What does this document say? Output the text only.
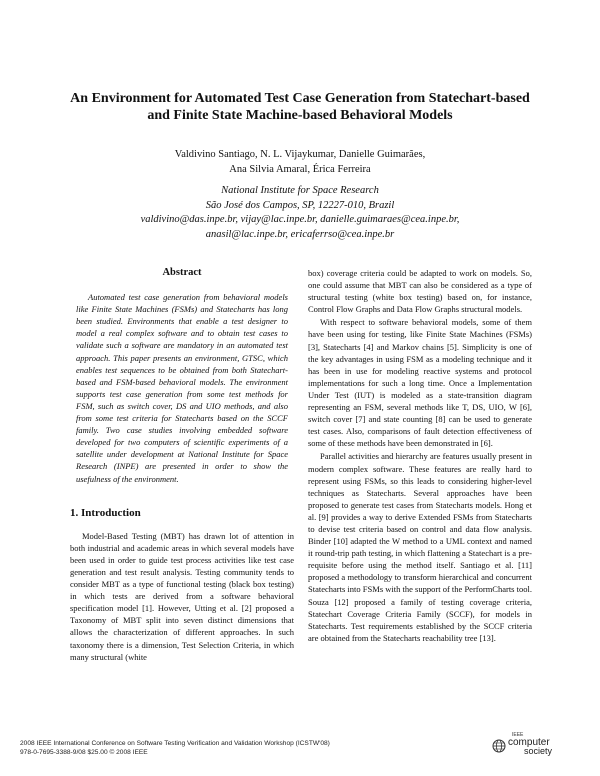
An Environment for Automated Test Case Generation from Statechart-based
and Finite State Machine-based Behavioral Models
Valdivino Santiago, N. L. Vijaykumar, Danielle Guimarães,
Ana Silvia Amaral, Érica Ferreira
National Institute for Space Research
São José dos Campos, SP, 12227-010, Brazil
valdivino@das.inpe.br, vijay@lac.inpe.br, danielle.guimaraes@cea.inpe.br,
anasil@lac.inpe.br, ericaferrso@cea.inpe.br
Abstract
Automated test case generation from behavioral models like Finite State Machines (FSMs) and Statecharts has long been studied. Environments that enable a test designer to model a real complex software and to obtain test cases to validate such a software are mandatory in an automated test approach. This paper presents an environment, GTSC, which enables test sequences to be obtained from both Statechart-based and FSM-based behavioral models. The environment supports test case generation from some test methods for FSM, such as switch cover, DS and UIO methods, and also from some test criteria for Statecharts based on the SCCF family. Two case studies involving embedded software developed for two computers of scientific experiments of a satellite under development at National Institute for Space Research (INPE) are presented in order to show the usefulness of the environment.
1. Introduction

Model-Based Testing (MBT) has drawn lot of attention in both industrial and academic areas in which several models have been used in order to guide test process activities like test case generation and test result analysis. Testing community tends to consider MBT as a type of functional testing (black box testing) in which tests are derived from a software behavioral specification model [1]. However, Utting et al. [2] proposed a Taxonomy of MBT split into seven distinct dimensions that allows the characterization of different approaches. In such taxonomy there is a dimension, Test Selection Criteria, in which many structural (white

box) coverage criteria could be adapted to work on models. So, one could assume that MBT can also be considered as a type of structural testing (white box testing) based on, for instance, Control Flow Graphs and Data Flow Graphs structural models.

With respect to software behavioral models, some of them have been using for testing, like Finite State Machines (FSMs) [3], Statecharts [4] and Markov chains [5]. Simplicity is one of the key advantages in using FSM as a modeling technique and it has been in use for modeling reactive systems and protocol implementations for such a long time. Once a Implementation Under Test (IUT) is modeled as a state-transition diagram representing an FSM, several methods like T, DS, UIO, W [6], switch cover [7] and state counting [8] can be used to generate test cases. Also, comparisons of fault detection effectiveness of some of these methods have been demonstrated in [6].

Parallel activities and hierarchy are features usually present in modern complex software. These features are really hard to represent using FSMs, so this leads to considering higher-level techniques as Statecharts. Several approaches have been proposed to generate test cases from Statecharts models. Hong et al. [9] provides a way to derive Extended FSMs from Statecharts to devise test criteria based on control and data flow analysis. Binder [10] adapted the W method to a UML context and named it round-trip path testing, in which flattening a Statechart is a pre-requisite before using the method itself. Santiago et al. [11] proposed a methodology to transform hierarchical and concurrent Statecharts into FSMs with the support of the PerformCharts tool. Souza [12] proposed a family of testing coverage criteria, Statechart Coverage Criteria Family (SCCF), for models in Statecharts. Test requirements established by the SCCF criteria are obtained from the Statecharts reachability tree [13].

2008 IEEE International Conference on Software Testing Verification and Validation Workshop (ICSTW'08)
978-0-7695-3388-9/08 $25.00 © 2008 IEEE
IEEE
computer
society
